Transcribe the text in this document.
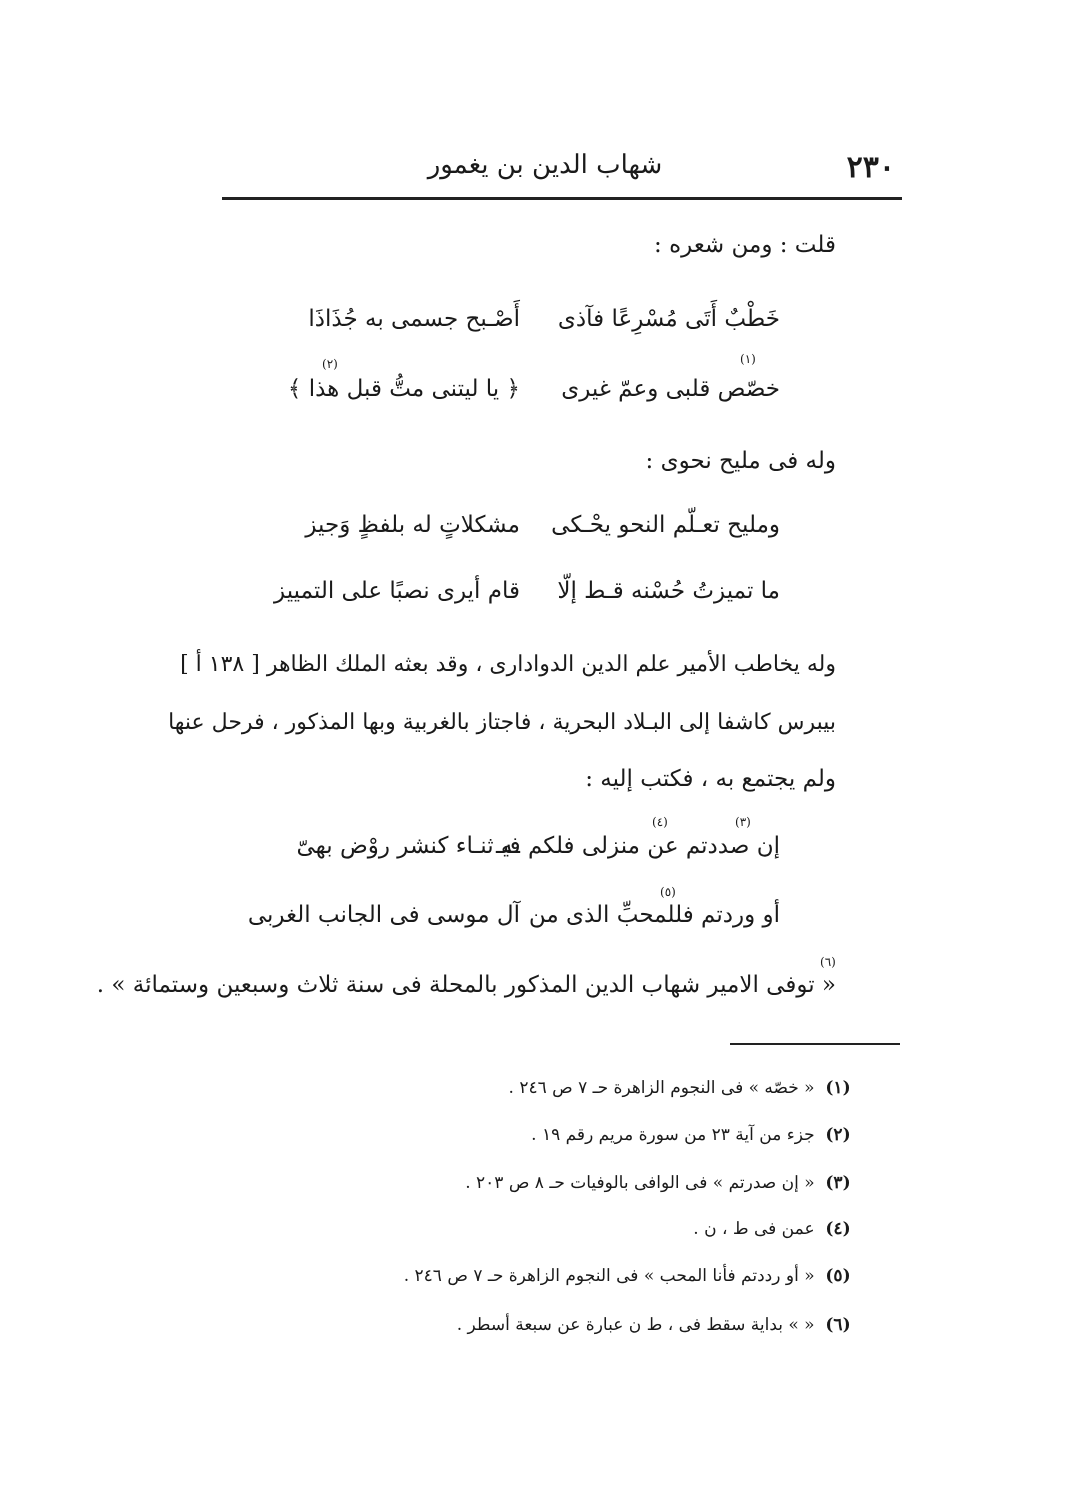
٢٣٠
شهاب الدين بن يغمور
قلت : ومن شعره :
خَطْبٌ أَتَى مُسْرِعًا فآذى
أَصْـبح جسمى به جُذَاذَا
(١)
(٢)
خصّص قلبى وعمّ غيرى
﴿ يا ليتنى متُّ قبل هذا ﴾
وله فى مليح نحوى :
ومليح تعـلّم النحو يحْـكى
مشكلاتٍ له بلفظٍ وَجيز
ما تميزتُ حُسْنه قـط إلّا
قام أيرى نصبًا على التمييز
وله يخاطب الأمير علم الدين الدوادارى ، وقد بعثه الملك الظاهر [ ١٣٨ أ ]
بيبرس كاشفا إلى البـلاد البحرية ، فاجتاز بالغربية وبها المذكور ، فرحل عنها
ولم يجتمع به ، فكتب إليه :
(٣)
(٤)
إن صددتم عن منزلى فلكم فيـ
ـه ثنـاء كنشر روْض بهىّ
(٥)
أو وردتم فللمحبِّ الذى من
آل موسى فى الجانب الغربى
(٦)
« توفى الامير شهاب الدين المذكور بالمحلة فى سنة ثلاث وسبعين وستمائة » .
(١) « خصّه » فى النجوم الزاهرة حـ ٧ ص ٢٤٦ .
(٢) جزء من آية ٢٣ من سورة مريم رقم ١٩ .
(٣) « إن صدرتم » فى الوافى بالوفيات حـ ٨ ص ٢٠٣ .
(٤) عمن فى ط ، ن .
(٥) « أو رددتم فأنا المحب » فى النجوم الزاهرة حـ ٧ ص ٢٤٦ .
(٦) « » بداية سقط فى ، ط ن عبارة عن سبعة أسطر .
